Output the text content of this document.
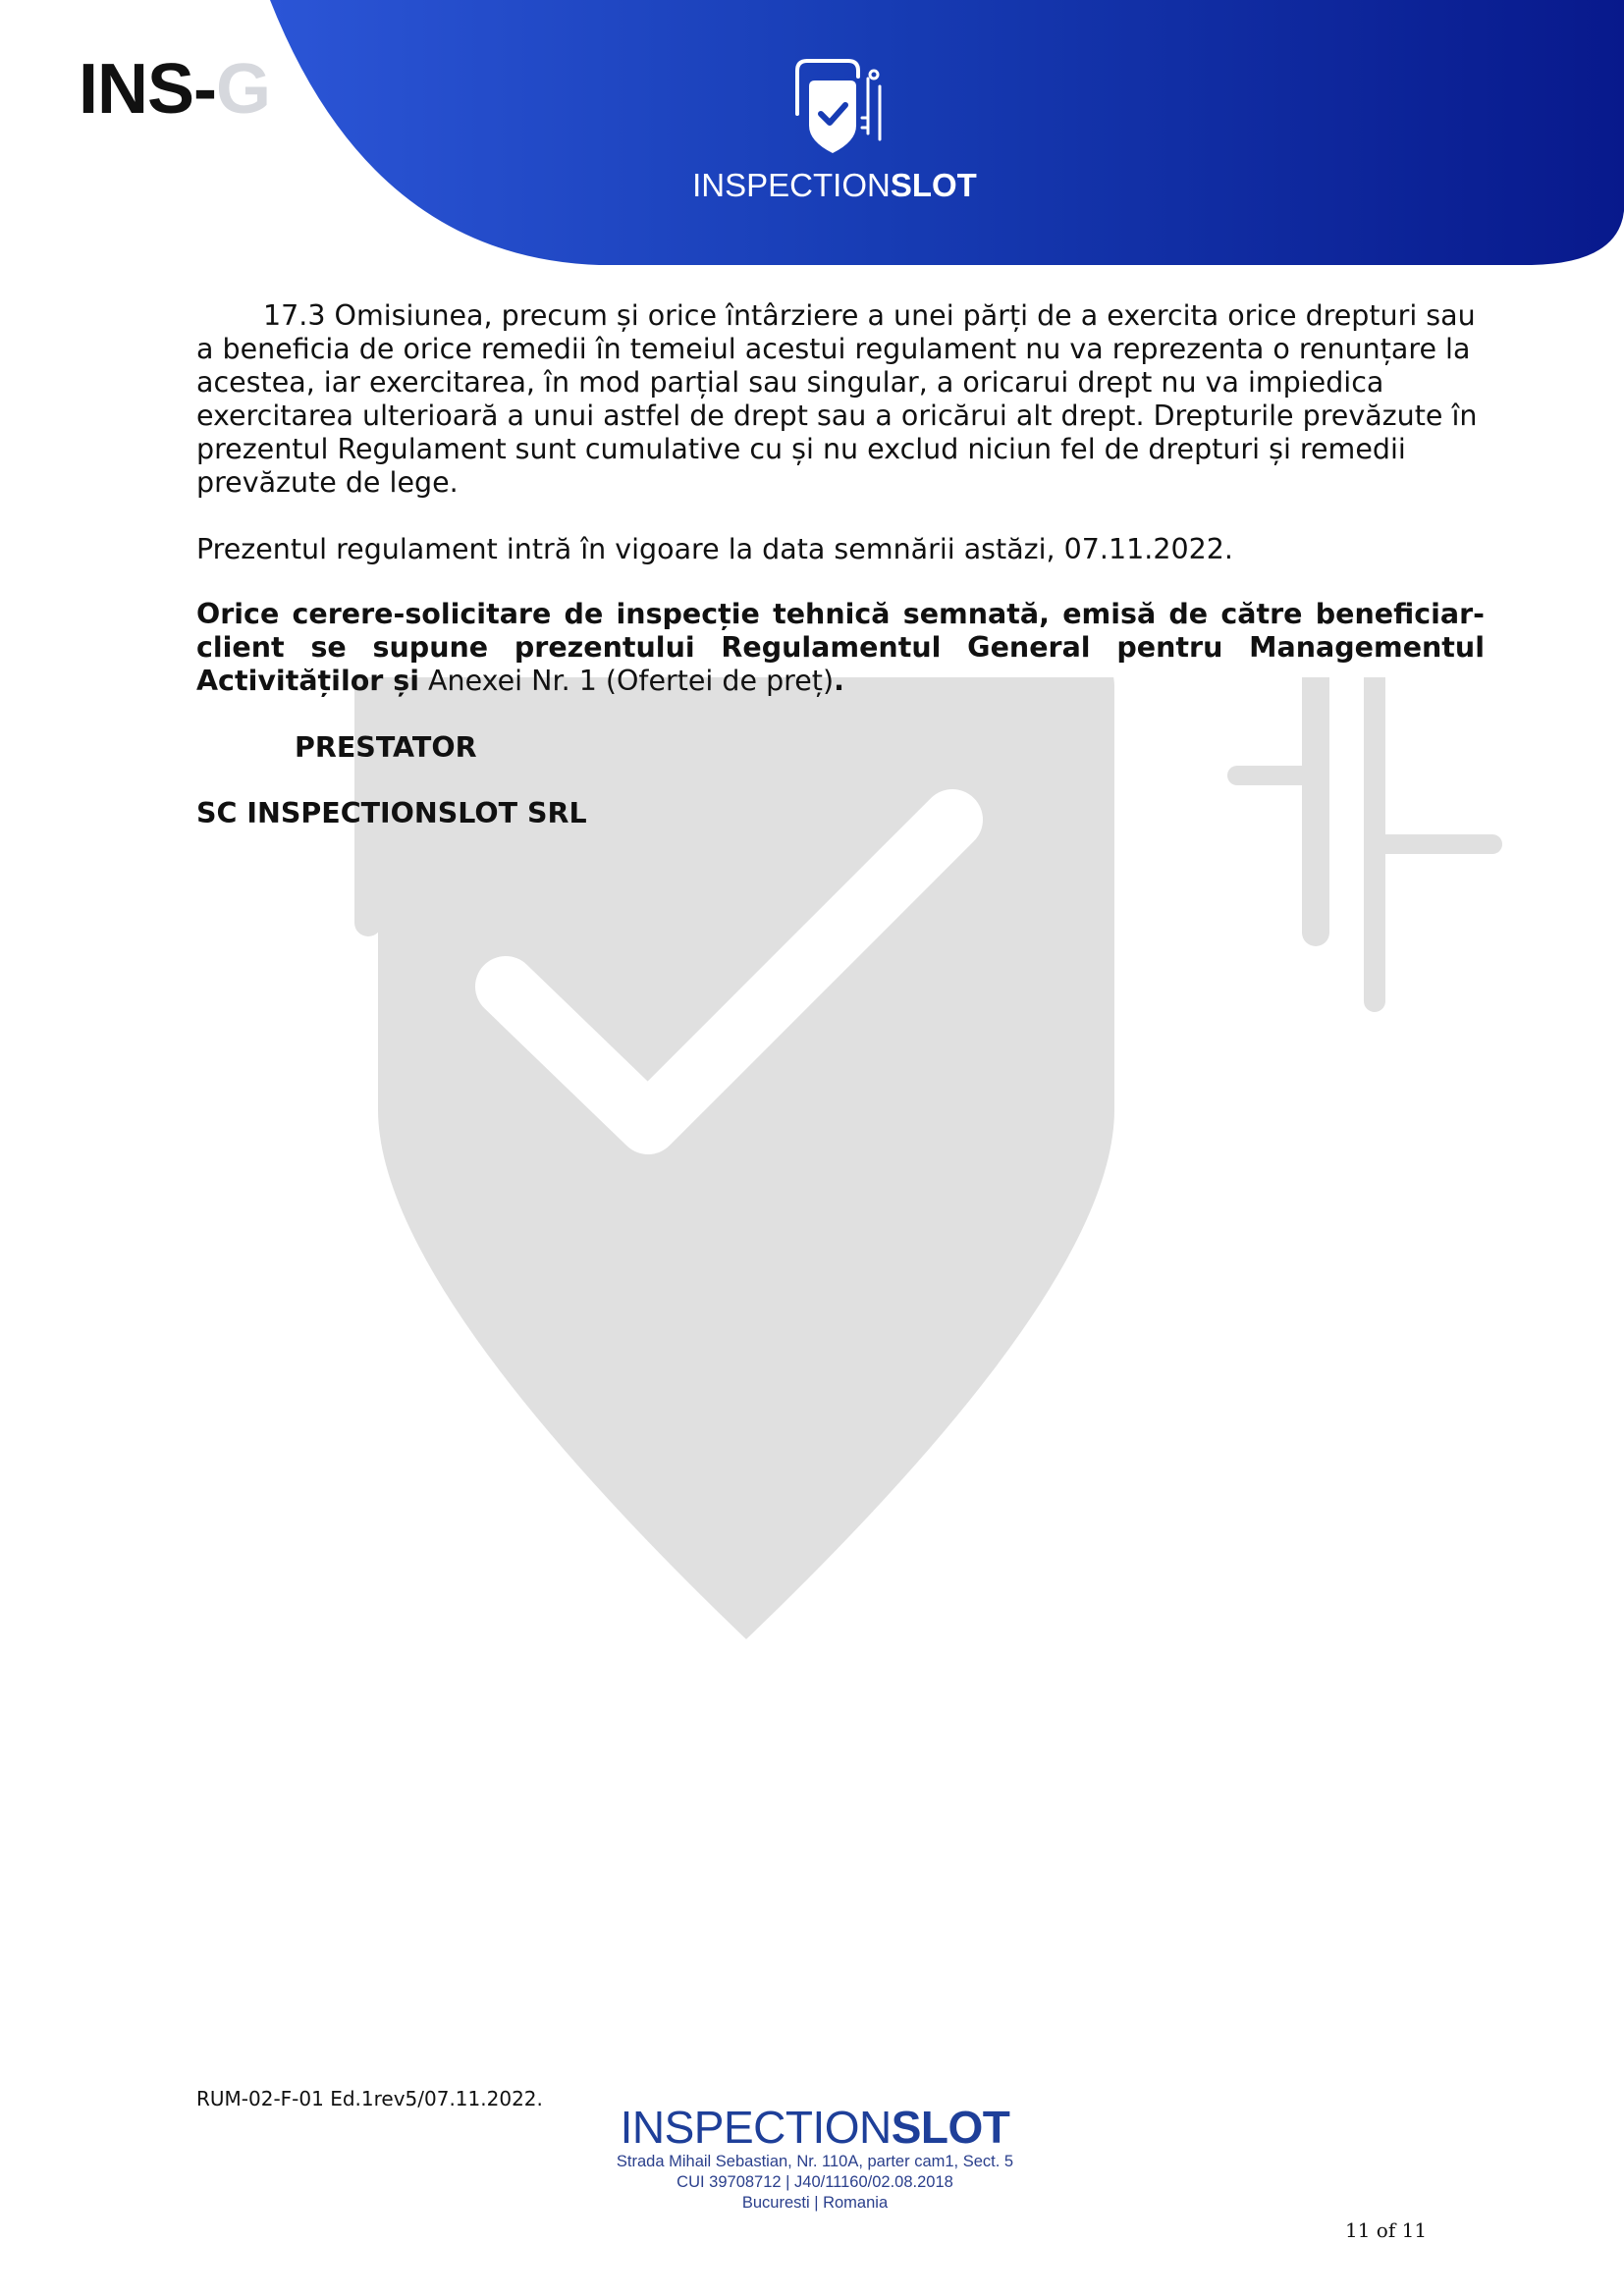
INS-G
INSPECTIONSLOT
17.3 Omisiunea, precum și orice întârziere a unei părți de a exercita orice drepturi sau a beneficia de orice remedii în temeiul acestui regulament nu va reprezenta o renunțare la acestea, iar exercitarea, în mod parțial sau singular, a oricarui drept nu va impiedica exercitarea ulterioară a unui astfel de drept sau a oricărui alt drept. Drepturile prevăzute în prezentul Regulament sunt cumulative cu și nu exclud niciun fel de drepturi și remedii prevăzute de lege.
Prezentul regulament intră în vigoare la data semnării astăzi, 07.11.2022.
Orice cerere-solicitare de inspecție tehnică semnată, emisă de către beneficiar-client se supune prezentului Regulamentul General pentru Managementul Activităților și Anexei Nr. 1 (Ofertei de preț).
PRESTATOR
SC INSPECTIONSLOT SRL
RUM-02-F-01 Ed.1rev5/07.11.2022.
INSPECTIONSLOT
Strada Mihail Sebastian, Nr. 110A, parter cam1, Sect. 5
CUI 39708712 | J40/11160/02.08.2018
Bucuresti | Romania
11 of 11
